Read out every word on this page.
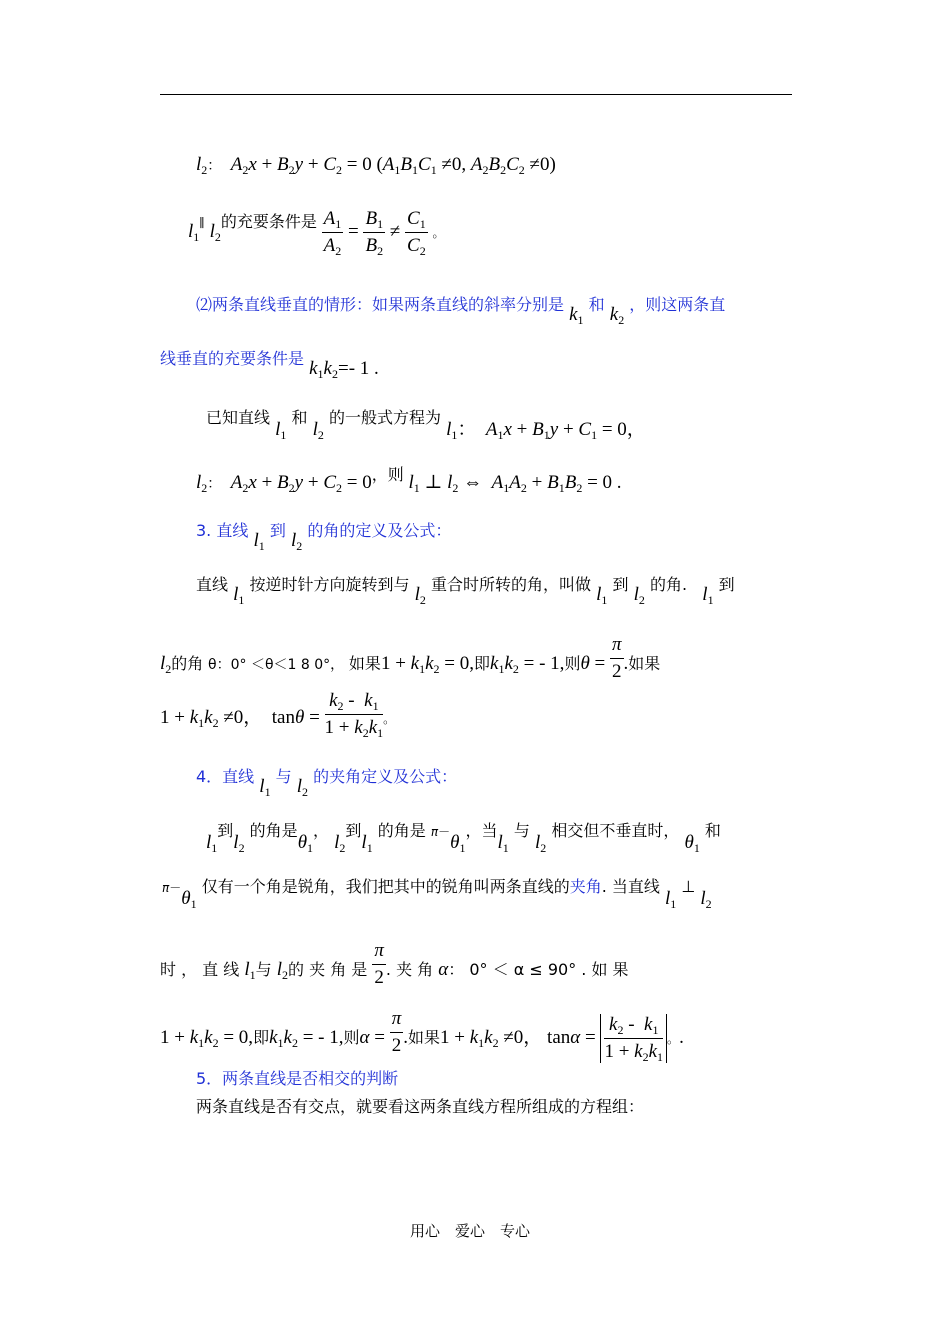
$l_2$： $A_2x + B_2y + C_2 = 0$ ($A_1B_1C_1 \ne 0$, $A_2B_2C_2 \ne 0$)
$l_1^\parallel$ $l_2^{的充要条件是} \frac{A_1}{A_2} = \frac{B_1}{B_2} \ne \frac{C_1}{C_2}$ 。
⑵两条直线垂直的情形：如果两条直线的斜率分别是 $k_1$ 和 $k_2$ ，则这两条直
线垂直的充要条件是 $k_1k_2=-$ 1 .
已知直线 $l_1$ 和 $l_2$ 的一般式方程为 $l_1$：  $A_1x + B_1y + C_1 = 0$，
$l_2$： $A_2x + B_2y + C_2 = 0^{,则}$ $l_1$ ⊥ $l_2$ ⇔  $A_1A_2 + B_1B_2 = 0$ .
3. 直线 $l_1$ 到 $l_2$ 的角的定义及公式：
直线 $l_1$ 按逆时针方向旋转到与 $l_2$ 重合时所转的角，叫做 $l_1$ 到 $l_2$ 的角. $l_1$ 到
$l_2$的角 θ：0° ＜θ＜1 8 0°， 如果$1 + k_1k_2 = 0$,即$k_1k_2$ = - 1,则$\theta = \frac{\pi}{2}$ .如果
$1 + k_1k_2 \ne 0$，  $\tan\theta = \frac{k_2 - k_1}{1 + k_2k_1}$ 。
4．直线 $l_1$ 与 $l_2$ 的夹角定义及公式：
$l_1$到$l_2$ 的角是$\theta_1$， $l_2$到$l_1$ 的角是 $\pi-\theta_1$，当$l_1$ 与 $l_2$ 相交但不垂直时， $\theta_1$ 和
$\pi-\theta_1$ 仅有一个角是锐角，我们把其中的锐角叫两条直线的夹角. 当直线 $l_1$ ⊥ $l_2$
时 ， 直 线 $l_1$与 $l_2$的 夹 角 是 $\frac{\pi}{2}$ . 夹 角 α： 0° ＜ α ≤ 90° . 如 果
$1 + k_1k_2 = 0$,即$k_1k_2$ = - 1,则$\alpha = \frac{\pi}{2}$ .如果$1 + k_1k_2 \ne 0$， $\tan\alpha = \frac{k_2 - k_1}{1 + k_2k_1}$ 。.
5．两条直线是否相交的判断
两条直线是否有交点，就要看这两条直线方程所组成的方程组：
用心　爱心　专心
